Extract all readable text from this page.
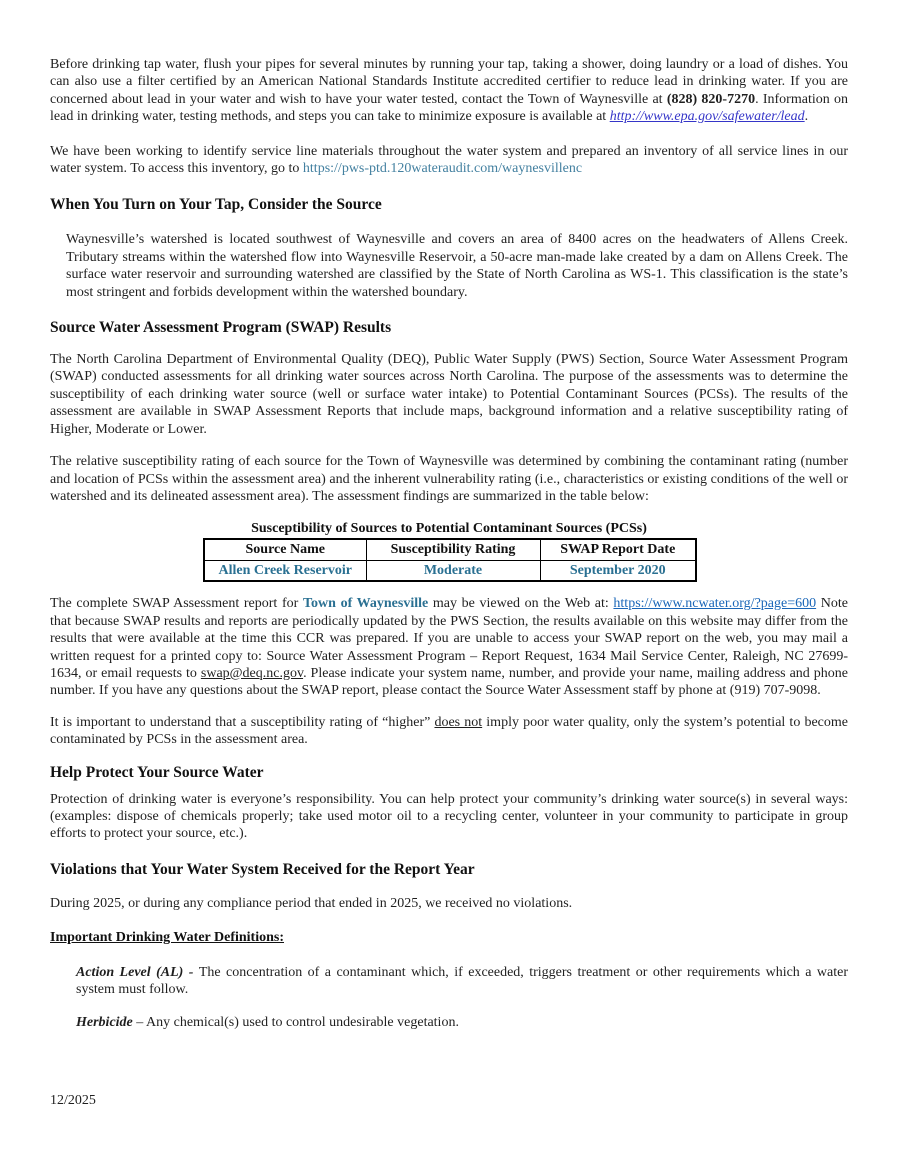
Before drinking tap water, flush your pipes for several minutes by running your tap, taking a shower, doing laundry or a load of dishes. You can also use a filter certified by an American National Standards Institute accredited certifier to reduce lead in drinking water. If you are concerned about lead in your water and wish to have your water tested, contact the Town of Waynesville at (828) 820-7270. Information on lead in drinking water, testing methods, and steps you can take to minimize exposure is available at http://www.epa.gov/safewater/lead.

We have been working to identify service line materials throughout the water system and prepared an inventory of all service lines in our water system. To access this inventory, go to https://pws-ptd.120wateraudit.com/waynesvillenc

When You Turn on Your Tap, Consider the Source

Waynesville’s watershed is located southwest of Waynesville and covers an area of 8400 acres on the headwaters of Allens Creek. Tributary streams within the watershed flow into Waynesville Reservoir, a 50-acre man-made lake created by a dam on Allens Creek. The surface water reservoir and surrounding watershed are classified by the State of North Carolina as WS-1. This classification is the state’s most stringent and forbids development within the watershed boundary.

Source Water Assessment Program (SWAP) Results

The North Carolina Department of Environmental Quality (DEQ), Public Water Supply (PWS) Section, Source Water Assessment Program (SWAP) conducted assessments for all drinking water sources across North Carolina. The purpose of the assessments was to determine the susceptibility of each drinking water source (well or surface water intake) to Potential Contaminant Sources (PCSs). The results of the assessment are available in SWAP Assessment Reports that include maps, background information and a relative susceptibility rating of Higher, Moderate or Lower.

The relative susceptibility rating of each source for the Town of Waynesville was determined by combining the contaminant rating (number and location of PCSs within the assessment area) and the inherent vulnerability rating (i.e., characteristics or existing conditions of the well or watershed and its delineated assessment area). The assessment findings are summarized in the table below:

Susceptibility of Sources to Potential Contaminant Sources (PCSs)
Source Name	Susceptibility Rating	SWAP Report Date
Allen Creek Reservoir	Moderate	September 2020

The complete SWAP Assessment report for Town of Waynesville may be viewed on the Web at: https://www.ncwater.org/?page=600 Note that because SWAP results and reports are periodically updated by the PWS Section, the results available on this website may differ from the results that were available at the time this CCR was prepared. If you are unable to access your SWAP report on the web, you may mail a written request for a printed copy to: Source Water Assessment Program – Report Request, 1634 Mail Service Center, Raleigh, NC 27699-1634, or email requests to swap@deq.nc.gov. Please indicate your system name, number, and provide your name, mailing address and phone number. If you have any questions about the SWAP report, please contact the Source Water Assessment staff by phone at (919) 707-9098.

It is important to understand that a susceptibility rating of “higher” does not imply poor water quality, only the system’s potential to become contaminated by PCSs in the assessment area.

Help Protect Your Source Water

Protection of drinking water is everyone’s responsibility. You can help protect your community’s drinking water source(s) in several ways: (examples: dispose of chemicals properly; take used motor oil to a recycling center, volunteer in your community to participate in group efforts to protect your source, etc.).

Violations that Your Water System Received for the Report Year

During 2025, or during any compliance period that ended in 2025, we received no violations.

Important Drinking Water Definitions:
Action Level (AL) - The concentration of a contaminant which, if exceeded, triggers treatment or other requirements which a water system must follow.
Herbicide – Any chemical(s) used to control undesirable vegetation.
12/2025
